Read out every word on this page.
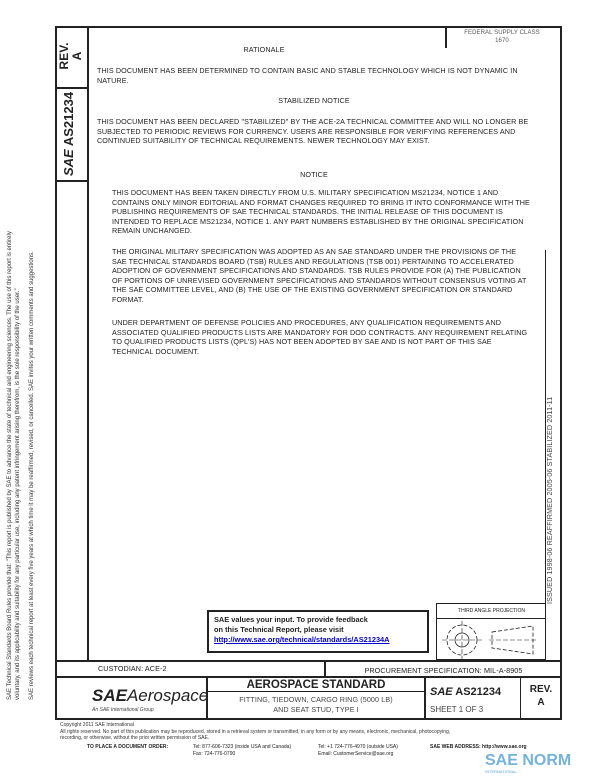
REV. A
SAE AS21234
FEDERAL SUPPLY CLASS
1670
RATIONALE
THIS DOCUMENT HAS BEEN DETERMINED TO CONTAIN BASIC AND STABLE TECHNOLOGY WHICH IS NOT DYNAMIC IN NATURE.
STABILIZED NOTICE
THIS DOCUMENT HAS BEEN DECLARED "STABILIZED" BY THE ACE-2A TECHNICAL COMMITTEE AND WILL NO LONGER BE SUBJECTED TO PERIODIC REVIEWS FOR CURRENCY. USERS ARE RESPONSIBLE FOR VERIFYING REFERENCES AND CONTINUED SUITABILITY OF TECHNICAL REQUIREMENTS. NEWER TECHNOLOGY MAY EXIST.
NOTICE
THIS DOCUMENT HAS BEEN TAKEN DIRECTLY FROM U.S. MILITARY SPECIFICATION MS21234, NOTICE 1 AND CONTAINS ONLY MINOR EDITORIAL AND FORMAT CHANGES REQUIRED TO BRING IT INTO CONFORMANCE WITH THE PUBLISHING REQUIREMENTS OF SAE TECHNICAL STANDARDS. THE INITIAL RELEASE OF THIS DOCUMENT IS INTENDED TO REPLACE MS21234, NOTICE 1. ANY PART NUMBERS ESTABLISHED BY THE ORIGINAL SPECIFICATION REMAIN UNCHANGED.
THE ORIGINAL MILITARY SPECIFICATION WAS ADOPTED AS AN SAE STANDARD UNDER THE PROVISIONS OF THE SAE TECHNICAL STANDARDS BOARD (TSB) RULES AND REGULATIONS (TSB 001) PERTAINING TO ACCELERATED ADOPTION OF GOVERNMENT SPECIFICATIONS AND STANDARDS. TSB RULES PROVIDE FOR (A) THE PUBLICATION OF PORTIONS OF UNREVISED GOVERNMENT SPECIFICATIONS AND STANDARDS WITHOUT CONSENSUS VOTING AT THE SAE COMMITTEE LEVEL, AND (B) THE USE OF THE EXISTING GOVERNMENT SPECIFICATION OR STANDARD FORMAT.
UNDER DEPARTMENT OF DEFENSE POLICIES AND PROCEDURES, ANY QUALIFICATION REQUIREMENTS AND ASSOCIATED QUALIFIED PRODUCTS LISTS ARE MANDATORY FOR DOD CONTRACTS. ANY REQUIREMENT RELATING TO QUALIFIED PRODUCTS LISTS (QPL'S) HAS NOT BEEN ADOPTED BY SAE AND IS NOT PART OF THIS SAE TECHNICAL DOCUMENT.
ISSUED 1998-06 REAFFIRMED 2005-06 STABILIZED 2011-11
SAE Technical Standards Board Rules provide that: "This report is published by SAE to advance the state of technical and engineering sciences. The use of this report is entirely voluntary, and its applicability and suitability for any particular use, including any patent infringement arising therefrom, is the sole responsibility of the user." SAE reviews each technical report at least every five years at which time it may be reaffirmed, revised, or cancelled. SAE invites your written comments and suggestions.	SAE values your input. To provide feedback
on this Technical Report, please visit
http://www.sae.org/technical/standards/AS21234A
THIRD ANGLE PROJECTION
CUSTODIAN: ACE-2	PROCUREMENT SPECIFICATION: MIL-A-8905
SAEAerospace
An SAE International Group
AEROSPACE STANDARD
FITTING, TIEDOWN, CARGO RING (5000 LB)
AND SEAT STUD, TYPE I
SAE AS21234
SHEET 1 OF 3
REV.
A
Copyright 2011 SAE International
All rights reserved. No part of this publication may be reproduced, stored in a retrieval system or transmitted, in any form or by any means, electronic, mechanical, photocopying,
recording, or otherwise, without the prior written permission of SAE.
TO PLACE A DOCUMENT ORDER:	Tel: 877-606-7323 (inside USA and Canada)
Fax: 724-776-0790
Tel: +1 724-776-4970 (outside USA)
Email: CustomerService@sae.org
SAE WEB ADDRESS: http://www.sae.org
SAE NORM
INTERNATIONAL
